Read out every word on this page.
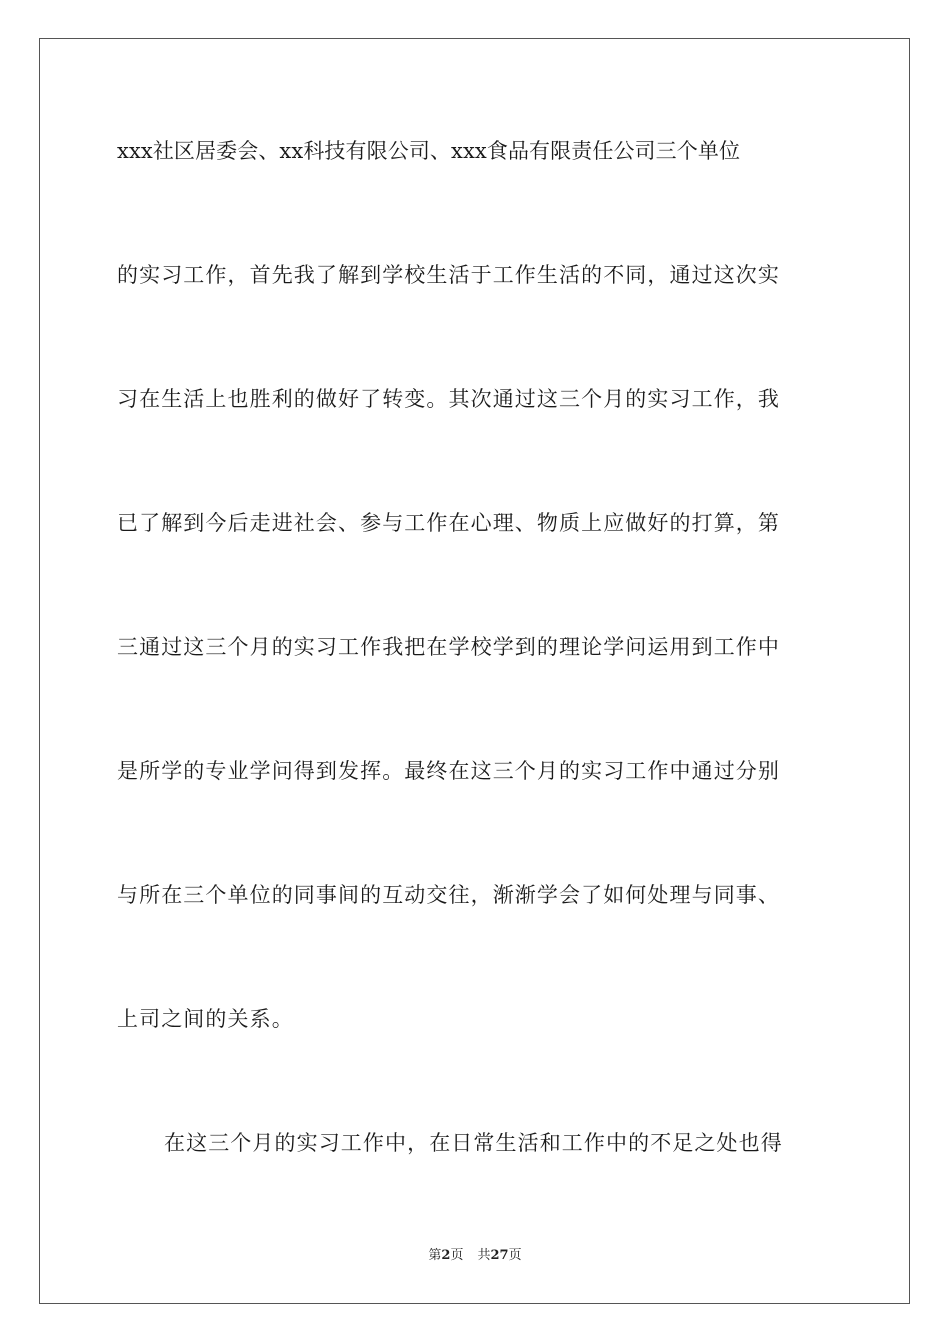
xxx社区居委会、xx科技有限公司、xxx食品有限责任公司三个单位
的实习工作，首先我了解到学校生活于工作生活的不同，通过这次实
习在生活上也胜利的做好了转变。其次通过这三个月的实习工作，我
已了解到今后走进社会、参与工作在心理、物质上应做好的打算，第
三通过这三个月的实习工作我把在学校学到的理论学问运用到工作中
是所学的专业学问得到发挥。最终在这三个月的实习工作中通过分别
与所在三个单位的同事间的互动交往，渐渐学会了如何处理与同事、
上司之间的关系。
在这三个月的实习工作中，在日常生活和工作中的不足之处也得
第2页 共27页
